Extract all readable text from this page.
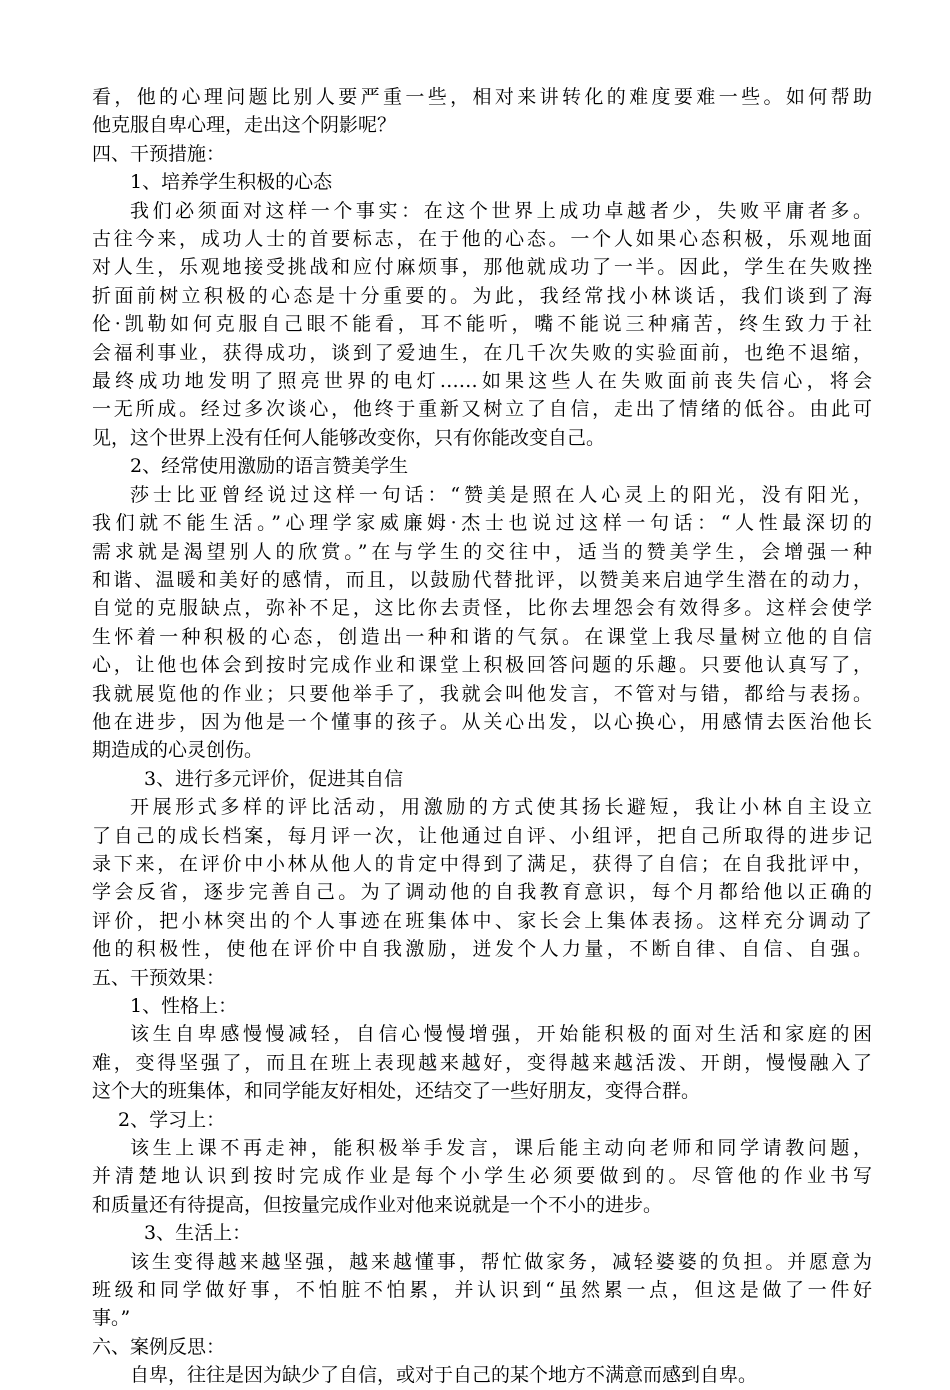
看，他的心理问题比别人要严重一些，相对来讲转化的难度要难一些。如何帮助
他克服自卑心理，走出这个阴影呢？
四、干预措施：
1、培养学生积极的心态
我们必须面对这样一个事实：在这个世界上成功卓越者少，失败平庸者多。
古往今来，成功人士的首要标志，在于他的心态。一个人如果心态积极，乐观地面
对人生，乐观地接受挑战和应付麻烦事，那他就成功了一半。因此，学生在失败挫
折面前树立积极的心态是十分重要的。为此，我经常找小林谈话，我们谈到了海
伦·凯勒如何克服自己眼不能看，耳不能听，嘴不能说三种痛苦，终生致力于社
会福利事业，获得成功，谈到了爱迪生，在几千次失败的实验面前，也绝不退缩，
最终成功地发明了照亮世界的电灯……如果这些人在失败面前丧失信心，将会
一无所成。经过多次谈心，他终于重新又树立了自信，走出了情绪的低谷。由此可
见，这个世界上没有任何人能够改变你，只有你能改变自己。
2、经常使用激励的语言赞美学生
莎士比亚曾经说过这样一句话：“赞美是照在人心灵上的阳光，没有阳光，
我们就不能生活。”心理学家威廉姆·杰士也说过这样一句话：“人性最深切的
需求就是渴望别人的欣赏。”在与学生的交往中，适当的赞美学生，会增强一种
和谐、温暖和美好的感情，而且，以鼓励代替批评，以赞美来启迪学生潜在的动力，
自觉的克服缺点，弥补不足，这比你去责怪，比你去埋怨会有效得多。这样会使学
生怀着一种积极的心态，创造出一种和谐的气氛。在课堂上我尽量树立他的自信
心，让他也体会到按时完成作业和课堂上积极回答问题的乐趣。只要他认真写了，
我就展览他的作业；只要他举手了，我就会叫他发言，不管对与错，都给与表扬。
他在进步，因为他是一个懂事的孩子。从关心出发，以心换心，用感情去医治他长
期造成的心灵创伤。
3、进行多元评价，促进其自信
开展形式多样的评比活动，用激励的方式使其扬长避短，我让小林自主设立
了自己的成长档案，每月评一次，让他通过自评、小组评，把自己所取得的进步记
录下来，在评价中小林从他人的肯定中得到了满足，获得了自信；在自我批评中，
学会反省，逐步完善自己。为了调动他的自我教育意识，每个月都给他以正确的
评价，把小林突出的个人事迹在班集体中、家长会上集体表扬。这样充分调动了
他的积极性，使他在评价中自我激励，迸发个人力量，不断自律、自信、自强。
五、干预效果：
1、性格上：
该生自卑感慢慢减轻，自信心慢慢增强，开始能积极的面对生活和家庭的困
难，变得坚强了，而且在班上表现越来越好，变得越来越活泼、开朗，慢慢融入了
这个大的班集体，和同学能友好相处，还结交了一些好朋友，变得合群。
2、学习上：
该生上课不再走神，能积极举手发言，课后能主动向老师和同学请教问题，
并清楚地认识到按时完成作业是每个小学生必须要做到的。尽管他的作业书写
和质量还有待提高，但按量完成作业对他来说就是一个不小的进步。
3、生活上：
该生变得越来越坚强，越来越懂事，帮忙做家务，减轻婆婆的负担。并愿意为
班级和同学做好事，不怕脏不怕累，并认识到“虽然累一点，但这是做了一件好
事。”
六、案例反思：
自卑，往往是因为缺少了自信，或对于自己的某个地方不满意而感到自卑。
